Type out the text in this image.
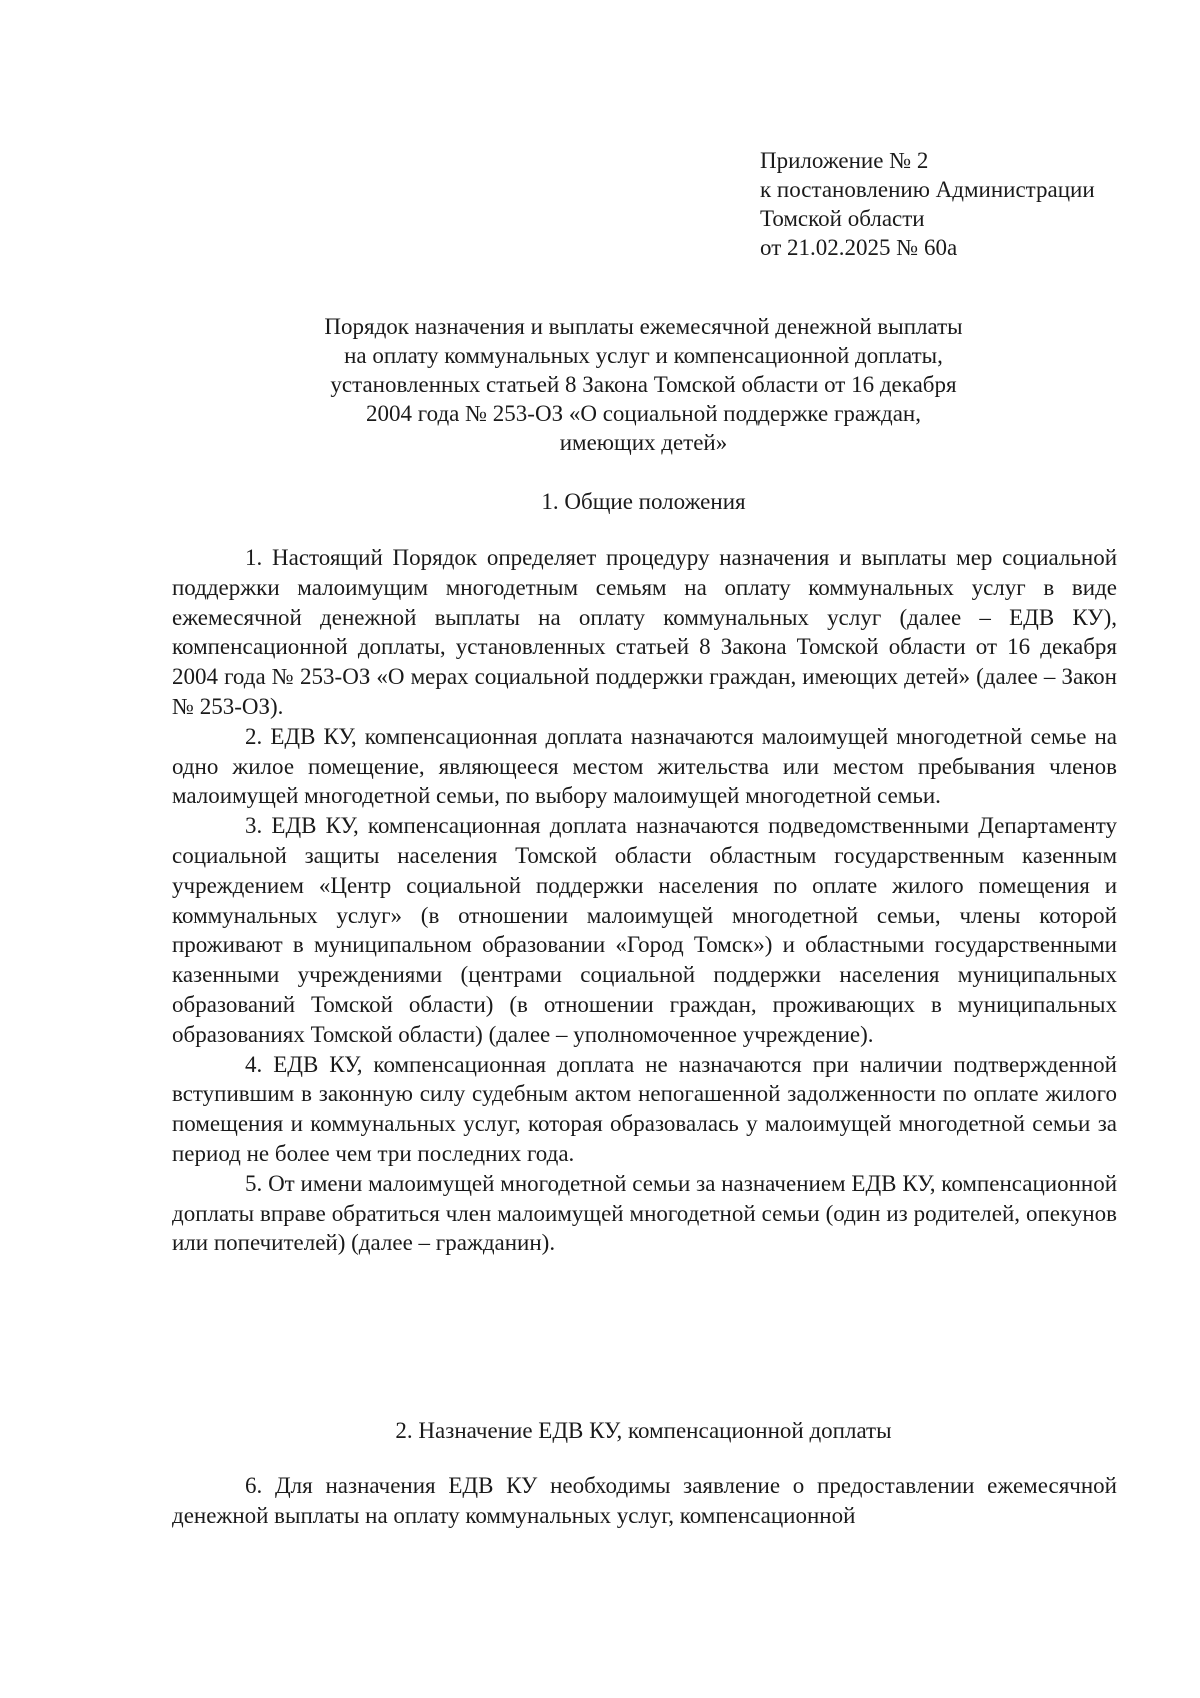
Приложение № 2
к постановлению Администрации
Томской области
от 21.02.2025 № 60а
Порядок назначения и выплаты ежемесячной денежной выплаты
на оплату коммунальных услуг и компенсационной доплаты,
установленных статьей 8 Закона Томской области от 16 декабря
2004 года № 253-ОЗ «О социальной поддержке граждан,
имеющих детей»
1. Общие положения

1. Настоящий Порядок определяет процедуру назначения и выплаты мер социальной поддержки малоимущим многодетным семьям на оплату коммунальных услуг в виде ежемесячной денежной выплаты на оплату коммунальных услуг (далее – ЕДВ КУ), компенсационной доплаты, установленных статьей 8 Закона Томской области от 16 декабря 2004 года № 253-ОЗ «О мерах социальной поддержки граждан, имеющих детей» (далее – Закон № 253-ОЗ).

2. ЕДВ КУ, компенсационная доплата назначаются малоимущей многодетной семье на одно жилое помещение, являющееся местом жительства или местом пребывания членов малоимущей многодетной семьи, по выбору малоимущей многодетной семьи.

3. ЕДВ КУ, компенсационная доплата назначаются подведомственными Департаменту социальной защиты населения Томской области областным государственным казенным учреждением «Центр социальной поддержки населения по оплате жилого помещения и коммунальных услуг» (в отношении малоимущей многодетной семьи, члены которой проживают в муниципальном образовании «Город Томск») и областными государственными казенными учреждениями (центрами социальной поддержки населения муниципальных образований Томской области) (в отношении граждан, проживающих в муниципальных образованиях Томской области) (далее – уполномоченное учреждение).

4. ЕДВ КУ, компенсационная доплата не назначаются при наличии подтвержденной вступившим в законную силу судебным актом непогашенной задолженности по оплате жилого помещения и коммунальных услуг, которая образовалась у малоимущей многодетной семьи за период не более чем три последних года.

5. От имени малоимущей многодетной семьи за назначением ЕДВ КУ, компенсационной доплаты вправе обратиться член малоимущей многодетной семьи (один из родителей, опекунов или попечителей) (далее – гражданин).

2. Назначение ЕДВ КУ, компенсационной доплаты

6. Для назначения ЕДВ КУ необходимы заявление о предоставлении ежемесячной денежной выплаты на оплату коммунальных услуг, компенсационной
